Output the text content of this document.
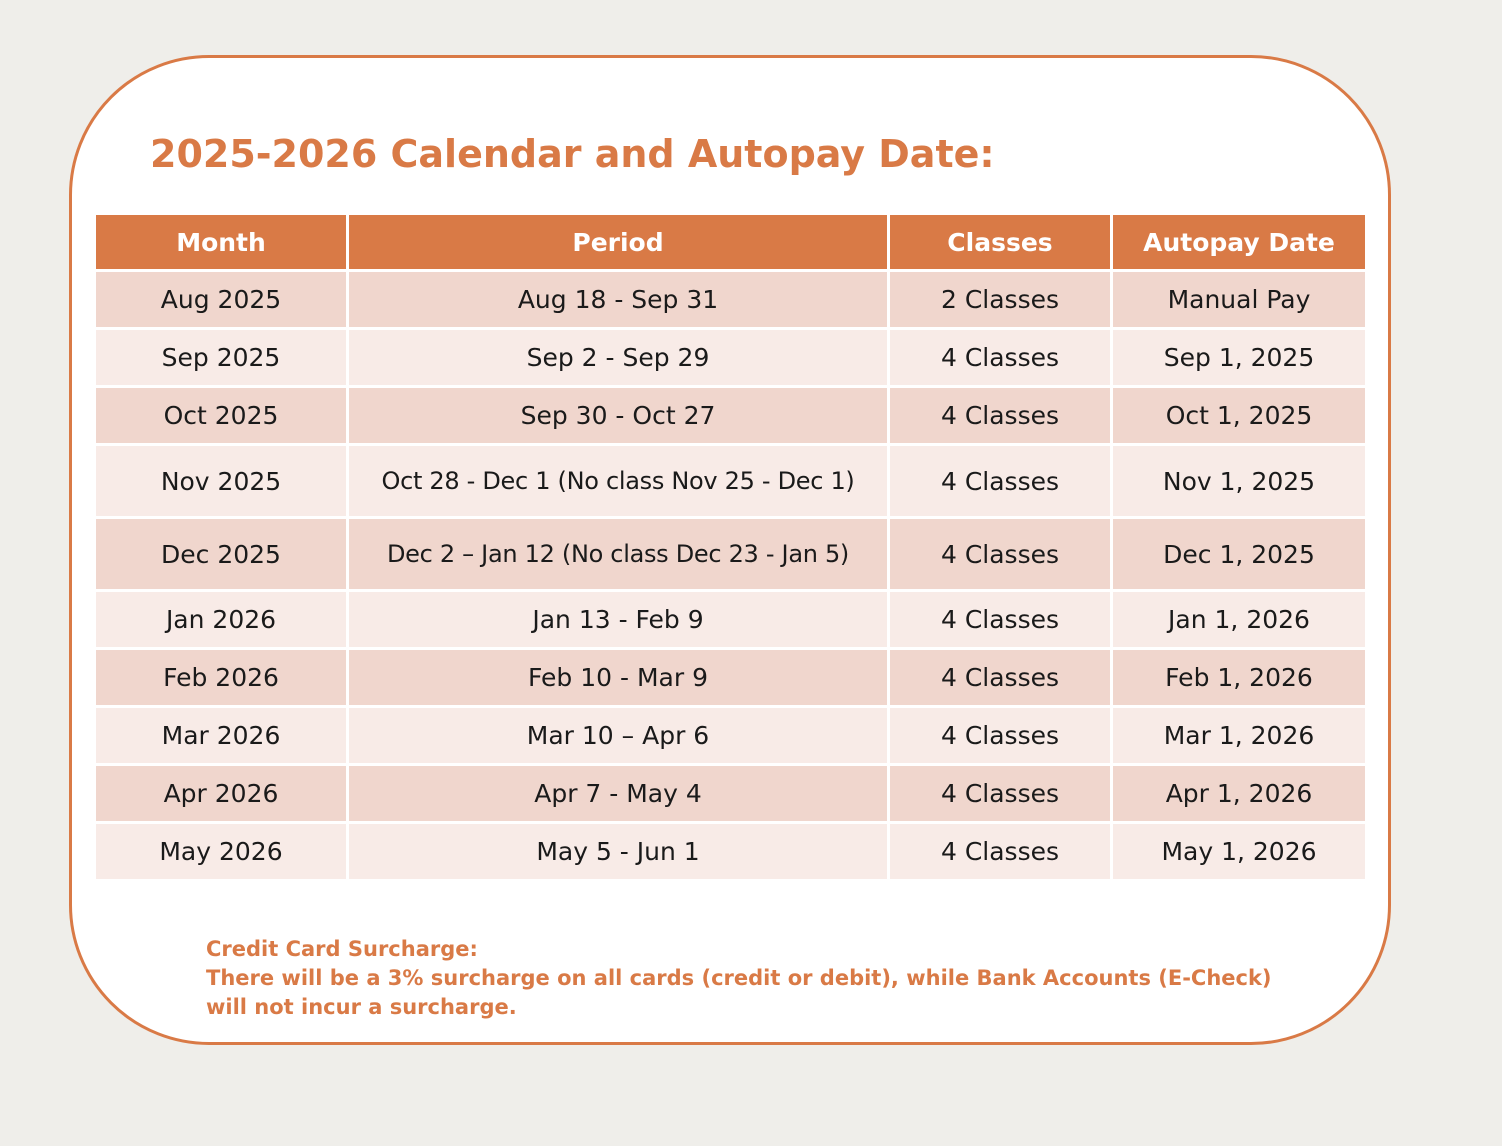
2025-2026 Calendar and Autopay Date:
Month	Period	Classes	Autopay Date
Aug 2025	Aug 18 - Sep 31	2 Classes	Manual Pay
Sep 2025	Sep 2 - Sep 29	4 Classes	Sep 1, 2025
Oct 2025	Sep 30 - Oct 27	4 Classes	Oct 1, 2025
Nov 2025	Oct 28 - Dec 1 (No class Nov 25 - Dec 1)	4 Classes	Nov 1, 2025
Dec 2025	Dec 2 – Jan 12 (No class Dec 23 - Jan 5)	4 Classes	Dec 1, 2025
Jan 2026	Jan 13 - Feb 9	4 Classes	Jan 1, 2026
Feb 2026	Feb 10 - Mar 9	4 Classes	Feb 1, 2026
Mar 2026	Mar 10 – Apr 6	4 Classes	Mar 1, 2026
Apr 2026	Apr 7 - May 4	4 Classes	Apr 1, 2026
May 2026	May 5 - Jun 1	4 Classes	May 1, 2026
Credit Card Surcharge:
There will be a 3% surcharge on all cards (credit or debit), while Bank Accounts (E-Check) will not incur a surcharge.
